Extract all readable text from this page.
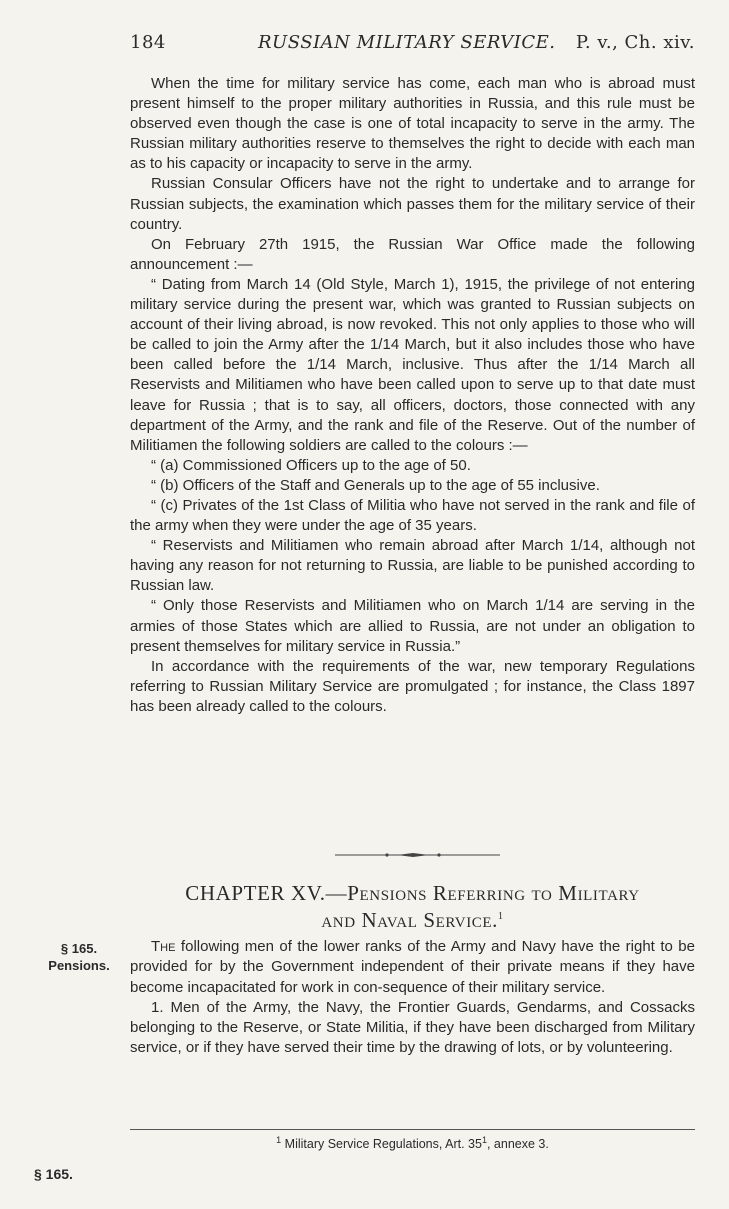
184	RUSSIAN MILITARY SERVICE. P. v., Ch. xiv.

When the time for military service has come, each man who is abroad must present himself to the proper military authorities in Russia, and this rule must be observed even though the case is one of total incapacity to serve in the army. The Russian military authorities reserve to themselves the right to decide with each man as to his capacity or incapacity to serve in the army.

Russian Consular Officers have not the right to undertake and to arrange for Russian subjects, the examination which passes them for the military service of their country.

On February 27th 1915, the Russian War Office made the following announcement :—

“ Dating from March 14 (Old Style, March 1), 1915, the privilege of not entering military service during the present war, which was granted to Russian subjects on account of their living abroad, is now revoked. This not only applies to those who will be called to join the Army after the 1/14 March, but it also includes those who have been called before the 1/14 March, inclusive. Thus after the 1/14 March all Reservists and Militiamen who have been called upon to serve up to that date must leave for Russia ; that is to say, all officers, doctors, those connected with any department of the Army, and the rank and file of the Reserve. Out of the number of Militiamen the following soldiers are called to the colours :—

“ (a) Commissioned Officers up to the age of 50.

“ (b) Officers of the Staff and Generals up to the age of 55 inclusive.

“ (c) Privates of the 1st Class of Militia who have not served in the rank and file of the army when they were under the age of 35 years.

“ Reservists and Militiamen who remain abroad after March 1/14, although not having any reason for not returning to Russia, are liable to be punished according to Russian law.

“ Only those Reservists and Militiamen who on March 1/14 are serving in the armies of those States which are allied to Russia, are not under an obligation to present themselves for military service in Russia.”

In accordance with the requirements of the war, new temporary Regulations referring to Russian Military Service are promulgated ; for instance, the Class 1897 has been already called to the colours.

CHAPTER XV.—Pensions Referring to Military
and Naval Service.$^1$
§ 165.
Pensions.

The following men of the lower ranks of the Army and Navy have the right to be provided for by the Government independent of their private means if they have become incapacitated for work in con-sequence of their military service.

1. Men of the Army, the Navy, the Frontier Guards, Gendarms, and Cossacks belonging to the Reserve, or State Militia, if they have been discharged from Military service, or if they have served their time by the drawing of lots, or by volunteering.

$^1$ Military Service Regulations, Art. $35^1$, annexe 3.
§ 165.
